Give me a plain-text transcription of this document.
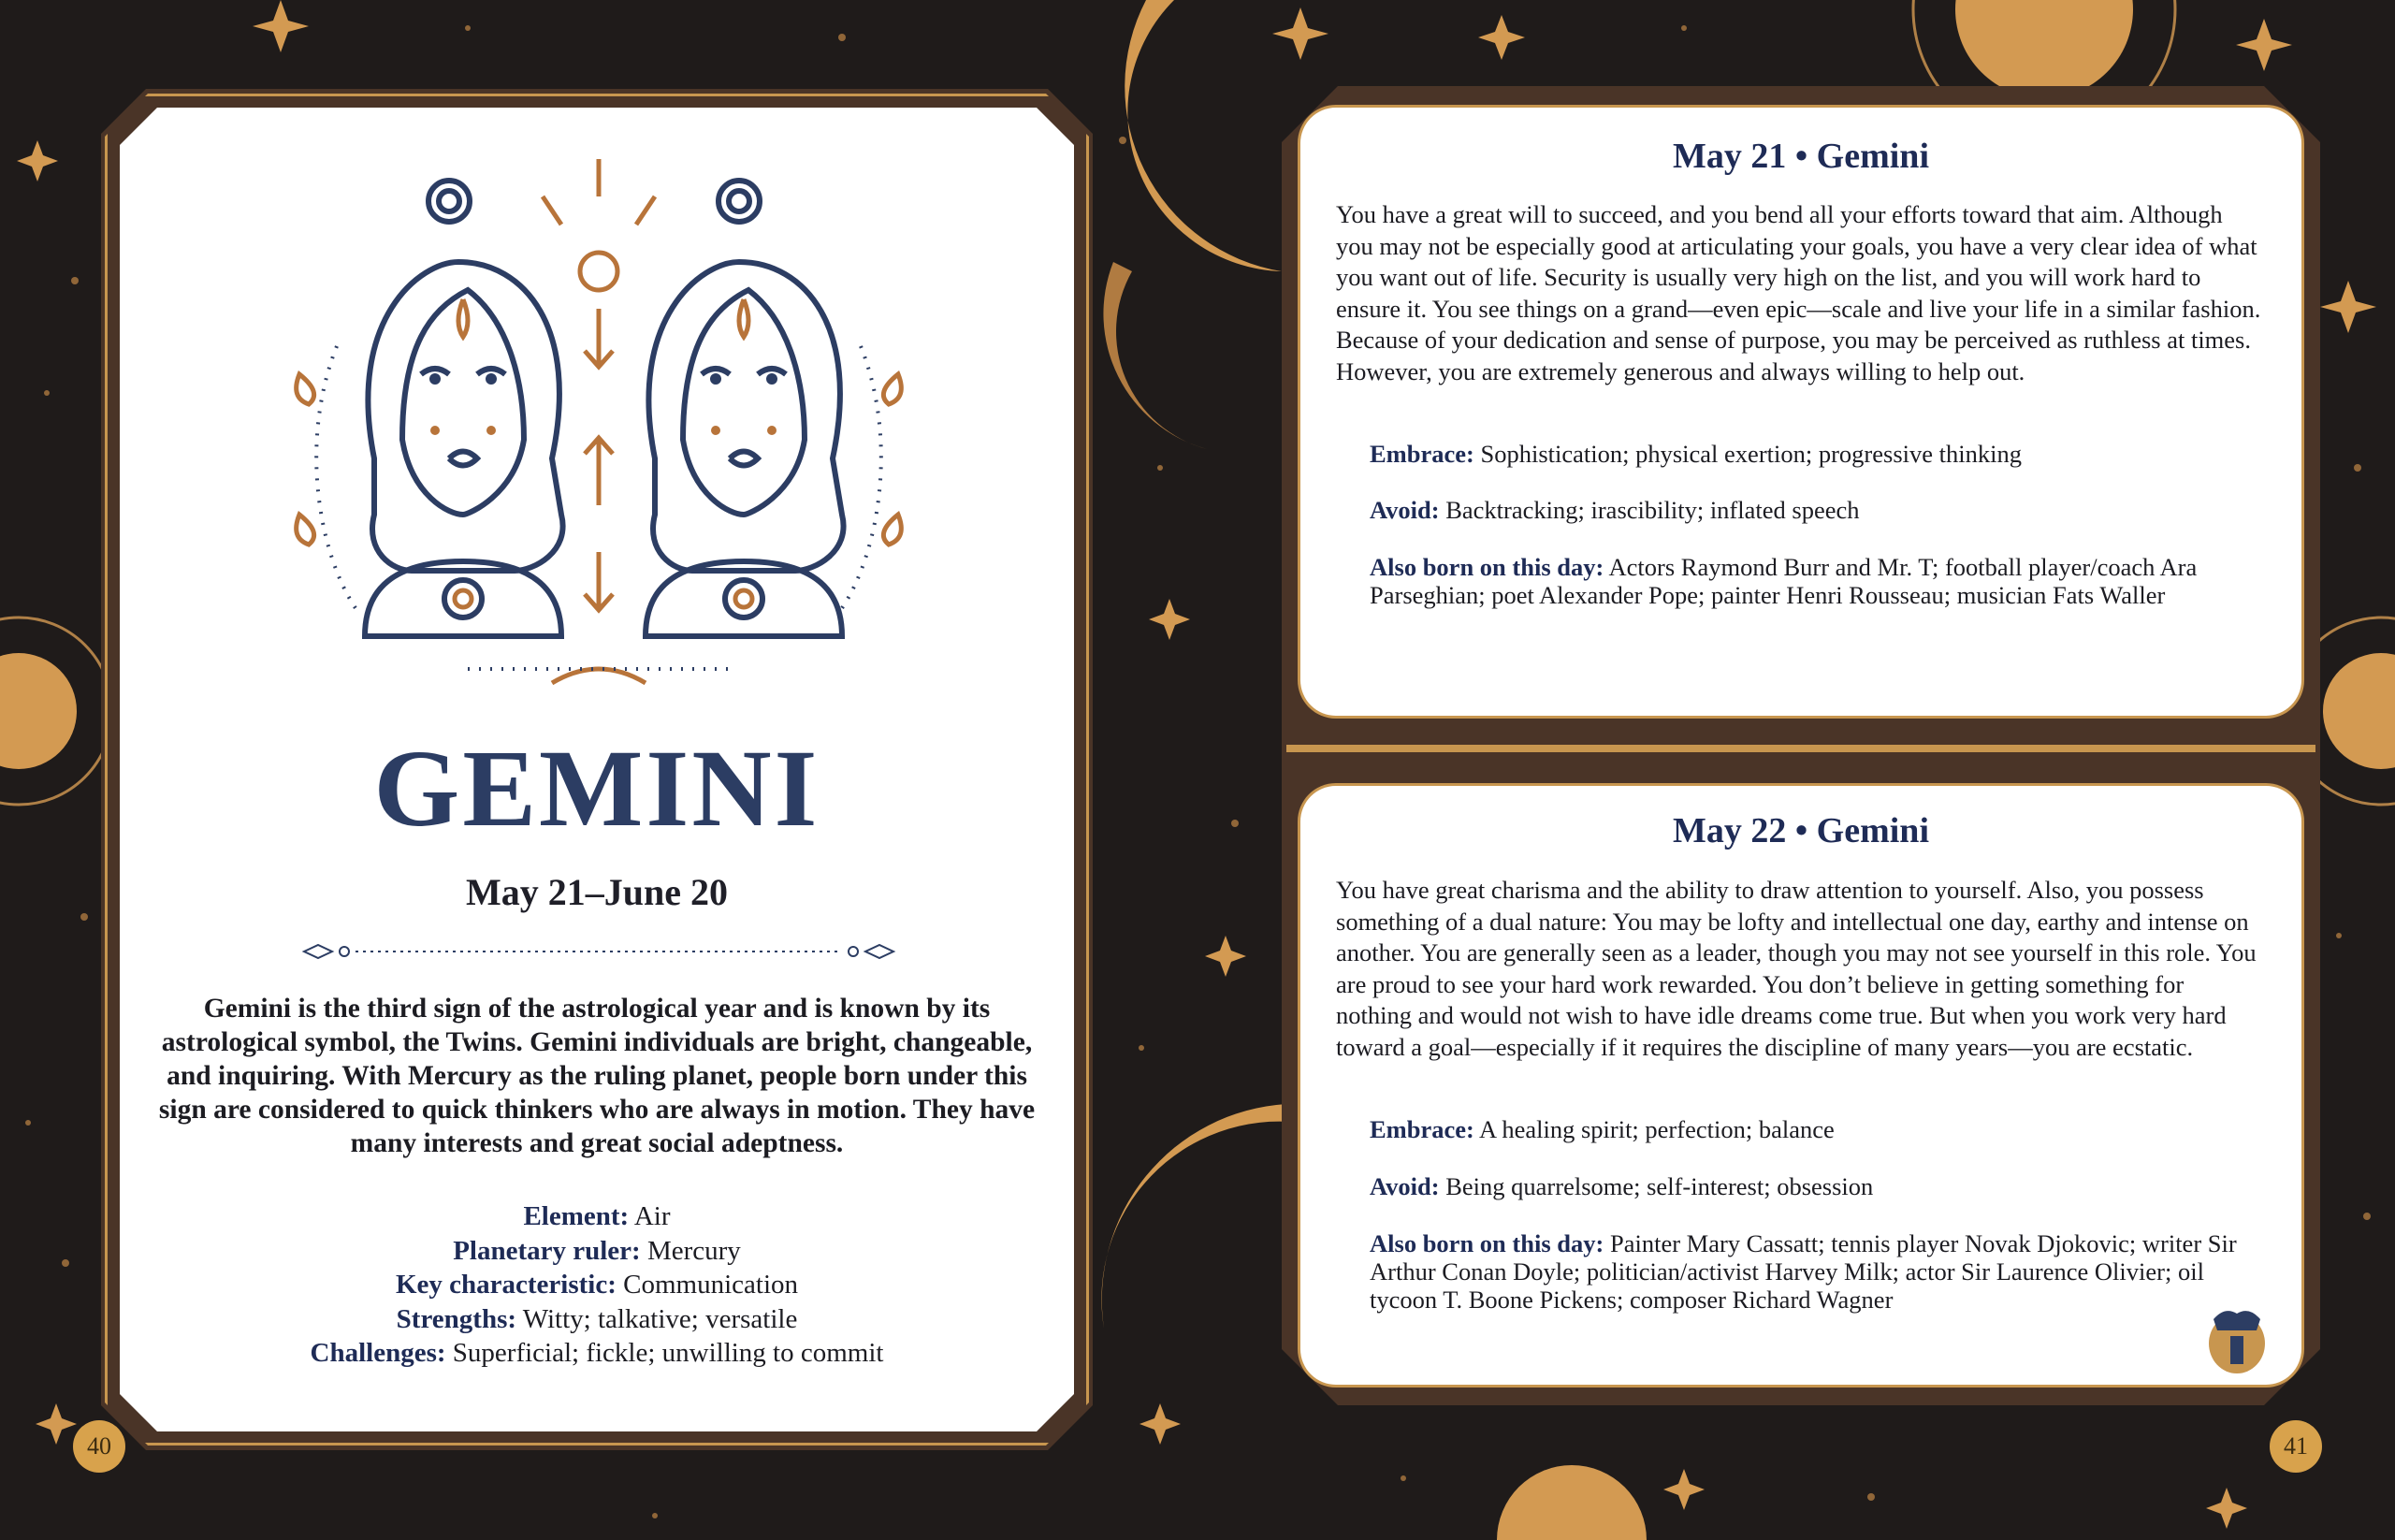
GEMINI
May 21–June 20

Gemini is the third sign of the astrological year and is known by its astrological symbol, the Twins. Gemini individuals are bright, changeable, and inquiring. With Mercury as the ruling planet, people born under this sign are considered to quick thinkers who are always in motion. They have many interests and great social adeptness.

Element: Air
Planetary ruler: Mercury
Key characteristic: Communication
Strengths: Witty; talkative; versatile
Challenges: Superficial; fickle; unwilling to commit
40
May 21 • Gemini

You have a great will to succeed, and you bend all your efforts toward that aim. Although you may not be especially good at articulating your goals, you have a very clear idea of what you want out of life. Security is usually very high on the list, and you will work hard to ensure it. You see things on a grand—even epic—scale and live your life in a similar fashion. Because of your dedication and sense of purpose, you may be perceived as ruthless at times. However, you are extremely generous and always willing to help out.

Embrace: Sophistication; physical exertion; progressive thinking

Avoid: Backtracking; irascibility; inflated speech

Also born on this day: Actors Raymond Burr and Mr. T; football player/coach Ara Parseghian; poet Alexander Pope; painter Henri Rousseau; musician Fats Waller

May 22 • Gemini

You have great charisma and the ability to draw attention to yourself. Also, you possess something of a dual nature: You may be lofty and intellectual one day, earthy and intense on another. You are generally seen as a leader, though you may not see yourself in this role. You are proud to see your hard work rewarded. You don’t believe in getting something for nothing and would not wish to have idle dreams come true. But when you work very hard toward a goal—especially if it requires the discipline of many years—you are ecstatic.

Embrace: A healing spirit; perfection; balance

Avoid: Being quarrelsome; self-interest; obsession

Also born on this day: Painter Mary Cassatt; tennis player Novak Djokovic; writer Sir Arthur Conan Doyle; politician/activist Harvey Milk; actor Sir Laurence Olivier; oil tycoon T. Boone Pickens; composer Richard Wagner

41
